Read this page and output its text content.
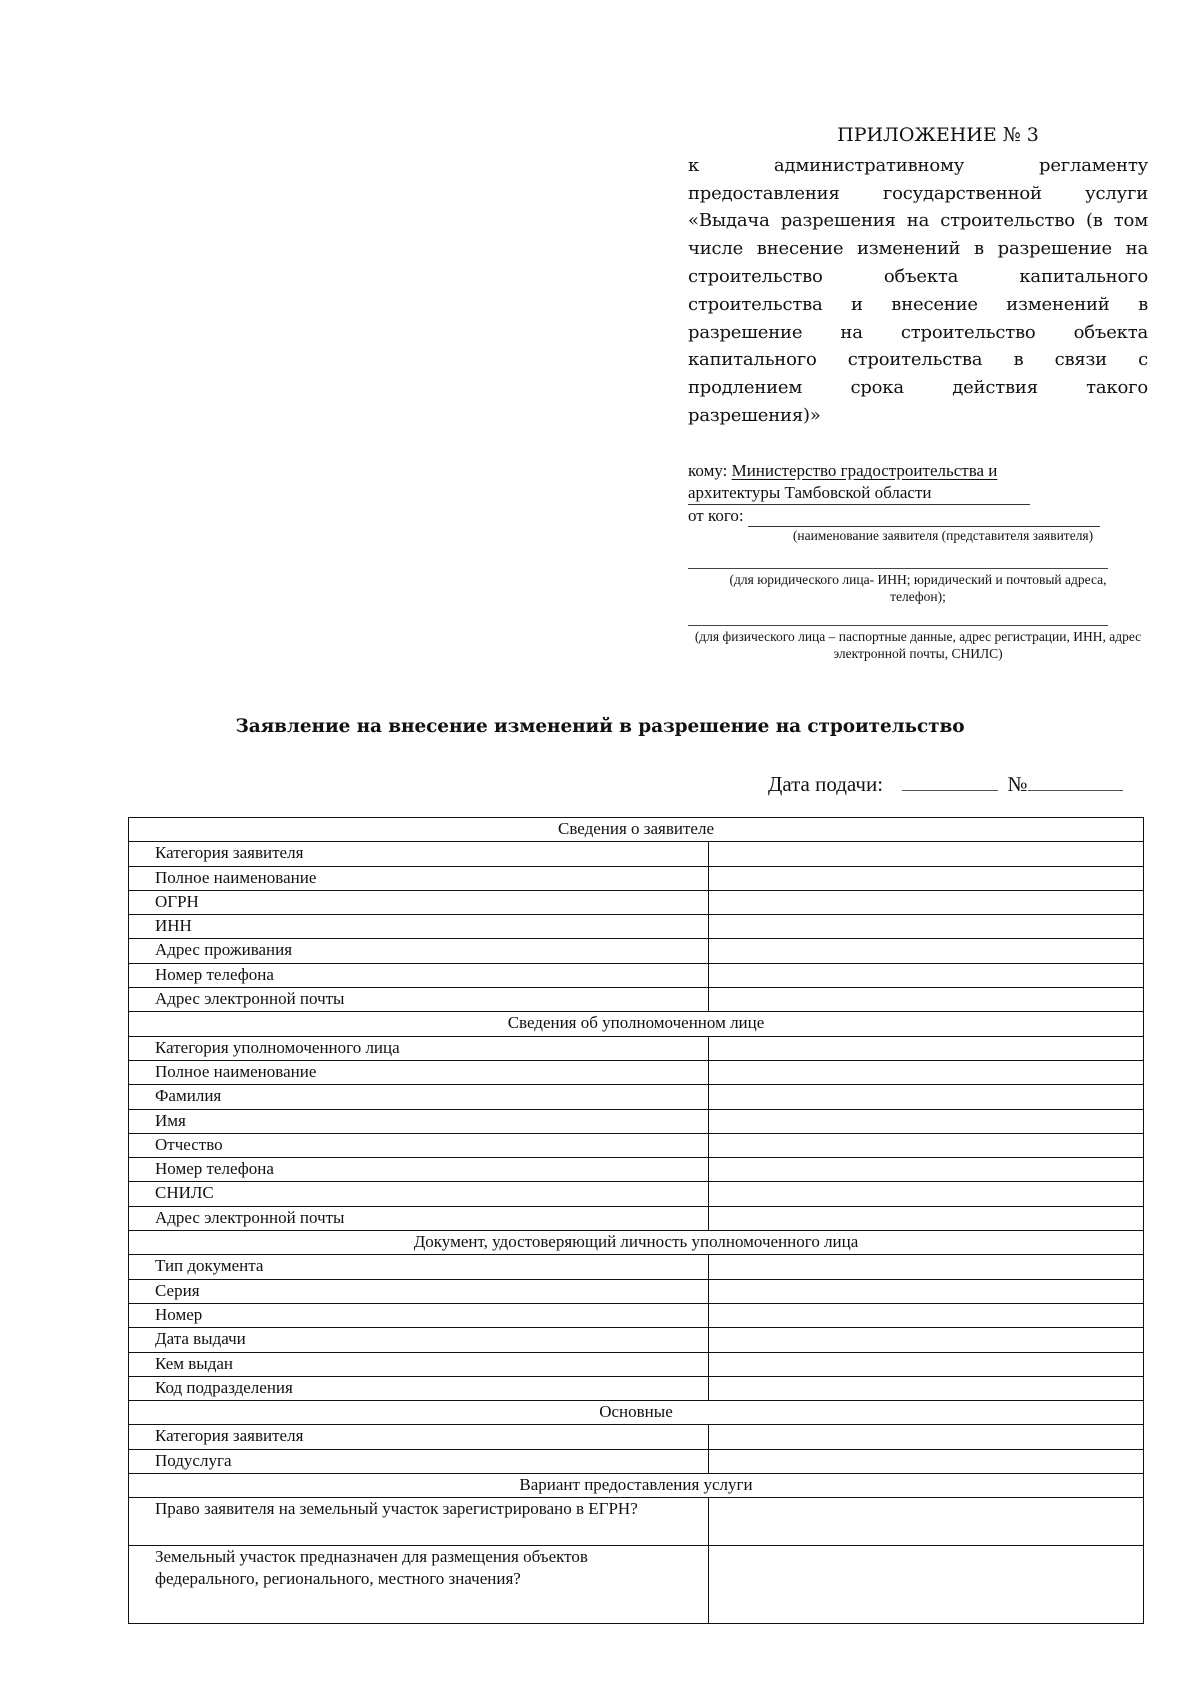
ПРИЛОЖЕНИЕ № 3
к административному регламенту предоставления государственной услуги «Выдача разрешения на строительство (в том числе внесение изменений в разрешение на строительство объекта капитального строительства и внесение изменений в разрешение на строительство объекта капитального строительства в связи с продлением срока действия такого разрешения)»
кому: Министерство градостроительства и
архитектуры Тамбовской области
от кого:
(наименование заявителя (представителя заявителя)
(для юридического лица- ИНН; юридический и почтовый адреса, телефон);
(для физического лица – паспортные данные, адрес регистрации, ИНН, адрес электронной почты, СНИЛС)
Заявление на внесение изменений в разрешение на строительство
Дата подачи:	№
Сведения о заявителе	
Категория заявителя	
Полное наименование	
ОГРН	
ИНН	
Адрес проживания	
Номер телефона	
Адрес электронной почты	
Сведения об уполномоченном лице	
Категория уполномоченного лица	
Полное наименование	
Фамилия	
Имя	
Отчество	
Номер телефона	
СНИЛС	
Адрес электронной почты	
Документ, удостоверяющий личность уполномоченного лица	
Тип документа	
Серия	
Номер	
Дата выдачи	
Кем выдан	
Код подразделения	
Основные	
Категория заявителя	
Подуслуга	
Вариант предоставления услуги	
Право заявителя на земельный участок зарегистрировано в ЕГРН?	
Земельный участок предназначен для размещения объектов федерального, регионального, местного значения?	
